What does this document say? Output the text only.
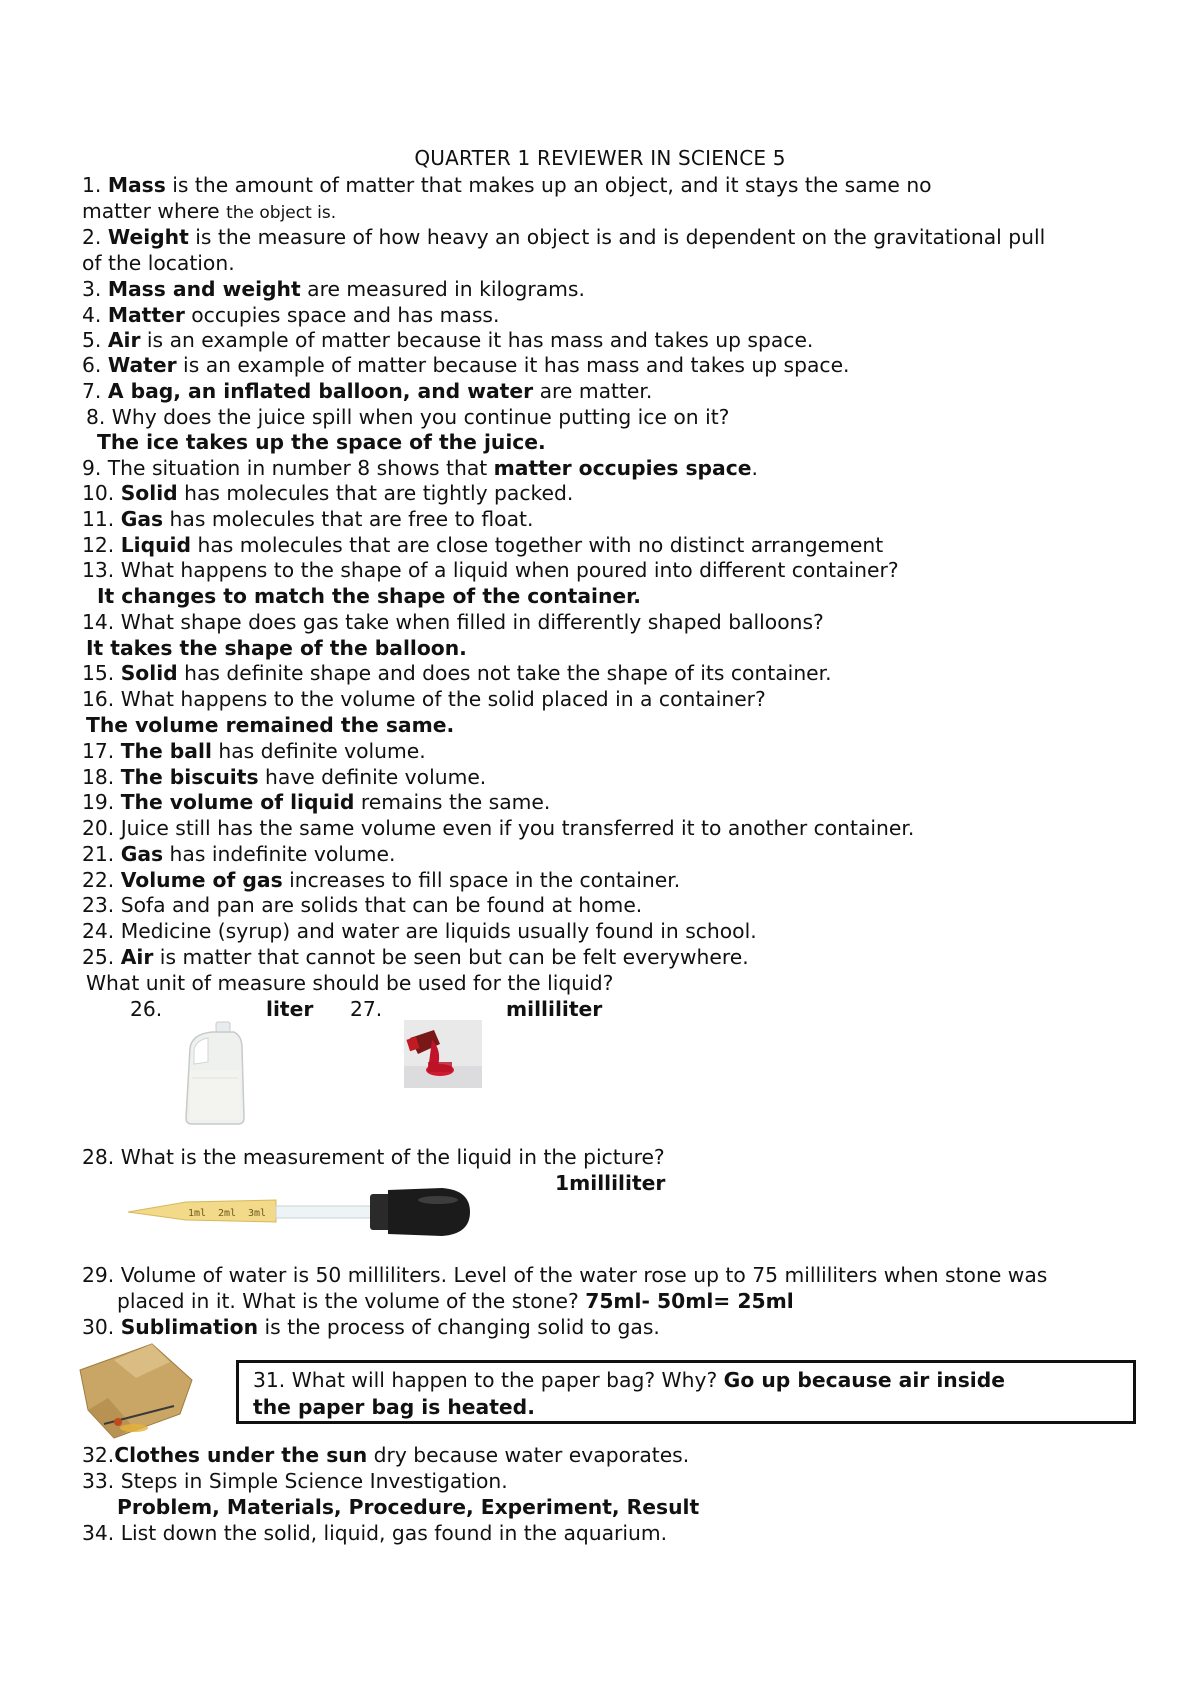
QUARTER 1 REVIEWER IN SCIENCE 5
1. Mass is the amount of matter that makes up an object, and it stays the same no
matter where the object is.
2. Weight is the measure of how heavy an object is and is dependent on the gravitational pull
of the location.
3. Mass and weight are measured in kilograms.
4. Matter occupies space and has mass.
5. Air is an example of matter because it has mass and takes up space.
6. Water is an example of matter because it has mass and takes up space.
7. A bag, an inflated balloon, and water are matter.
8. Why does the juice spill when you continue putting ice on it?
The ice takes up the space of the juice.
9. The situation in number 8 shows that matter occupies space.
10. Solid has molecules that are tightly packed.
11. Gas has molecules that are free to float.
12. Liquid has molecules that are close together with no distinct arrangement
13. What happens to the shape of a liquid when poured into different container?
It changes to match the shape of the container.
14. What shape does gas take when filled in differently shaped balloons?
It takes the shape of the balloon.
15. Solid has definite shape and does not take the shape of its container.
16. What happens to the volume of the solid placed in a container?
The volume remained the same.
17. The ball has definite volume.
18. The biscuits have definite volume.
19. The volume of liquid remains the same.
20. Juice still has the same volume even if you transferred it to another container.
21. Gas has indefinite volume.
22. Volume of gas increases to fill space in the container.
23. Sofa and pan are solids that can be found at home.
24. Medicine (syrup) and water are liquids usually found in school.
25. Air is matter that cannot be seen but can be felt everywhere.
What unit of measure should be used for the liquid?
26.	liter 27.	milliliter
28. What is the measurement of the liquid in the picture?
1milliliter
1ml 2ml 3ml
29. Volume of water is 50 milliliters. Level of the water rose up to 75 milliliters when stone was
placed in it. What is the volume of the stone? 75ml- 50ml= 25ml
30. Sublimation is the process of changing solid to gas.
31. What will happen to the paper bag? Why? Go up because air inside
the paper bag is heated.
32.Clothes under the sun dry because water evaporates.
33. Steps in Simple Science Investigation.
Problem, Materials, Procedure, Experiment, Result
34. List down the solid, liquid, gas found in the aquarium.
